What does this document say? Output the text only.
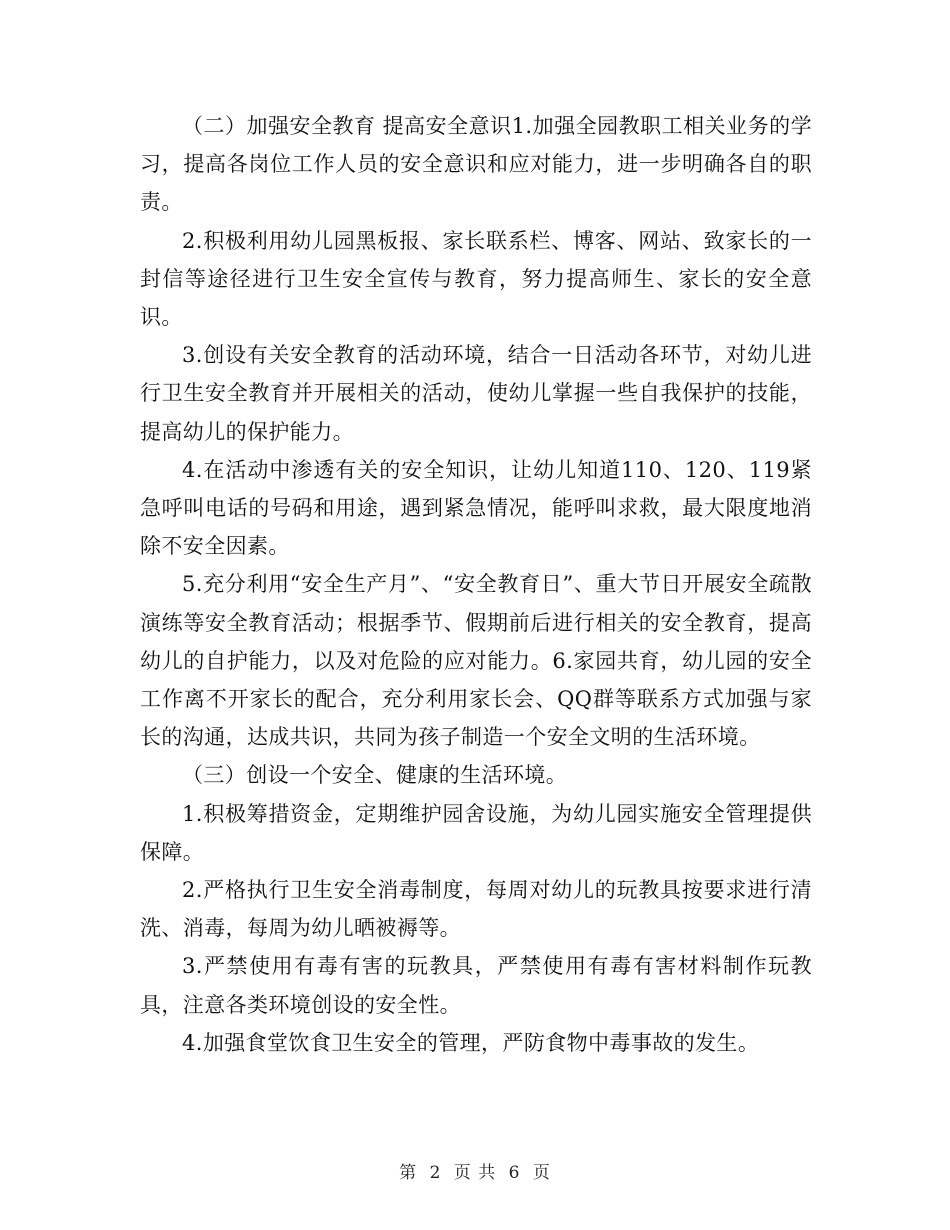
（二）加强安全教育 提高安全意识1.加强全园教职工相关业务的学习，提高各岗位工作人员的安全意识和应对能力，进一步明确各自的职责。

2.积极利用幼儿园黑板报、家长联系栏、博客、网站、致家长的一封信等途径进行卫生安全宣传与教育，努力提高师生、家长的安全意识。

3.创设有关安全教育的活动环境，结合一日活动各环节，对幼儿进行卫生安全教育并开展相关的活动，使幼儿掌握一些自我保护的技能，提高幼儿的保护能力。

4.在活动中渗透有关的安全知识，让幼儿知道110、120、119紧急呼叫电话的号码和用途，遇到紧急情况，能呼叫求救，最大限度地消除不安全因素。

5.充分利用“安全生产月”、“安全教育日”、重大节日开展安全疏散演练等安全教育活动；根据季节、假期前后进行相关的安全教育，提高幼儿的自护能力，以及对危险的应对能力。6.家园共育，幼儿园的安全工作离不开家长的配合，充分利用家长会、QQ群等联系方式加强与家长的沟通，达成共识，共同为孩子制造一个安全文明的生活环境。

（三）创设一个安全、健康的生活环境。

1.积极筹措资金，定期维护园舍设施，为幼儿园实施安全管理提供保障。

2.严格执行卫生安全消毒制度，每周对幼儿的玩教具按要求进行清洗、消毒，每周为幼儿晒被褥等。

3.严禁使用有毒有害的玩教具，严禁使用有毒有害材料制作玩教具，注意各类环境创设的安全性。

4.加强食堂饮食卫生安全的管理，严防食物中毒事故的发生。

第 2 页 共 6 页
